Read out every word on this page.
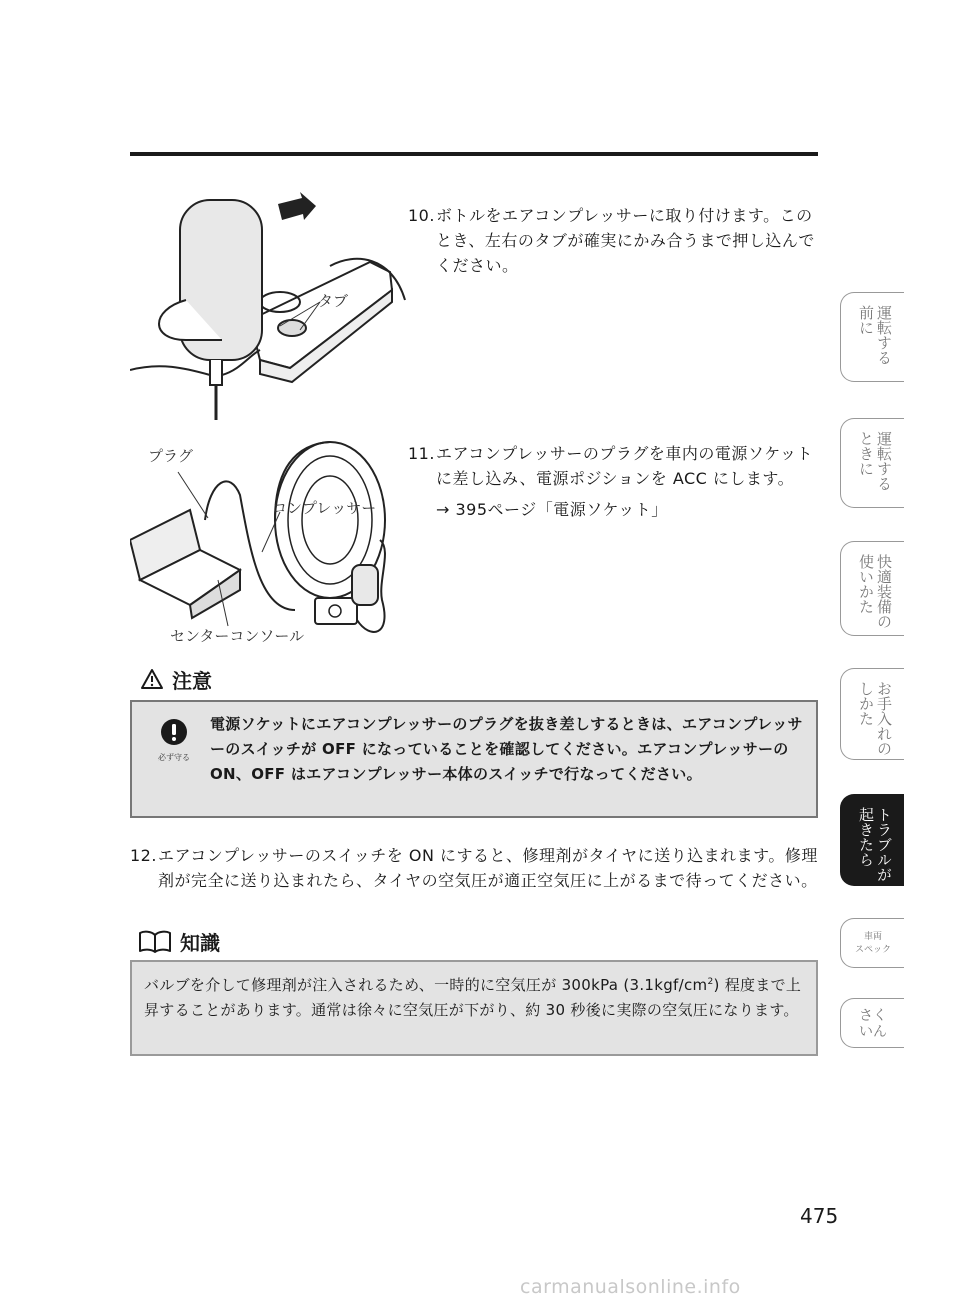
タブ
10. ボトルをエアコンプレッサーに取り付けます。このとき、左右のタブが確実にかみ合うまで押し込んでください。
プラグ
コンプレッサー
センターコンソール
11. エアコンプレッサーのプラグを車内の電源ソケットに差し込み、電源ポジションを ACC にします。
→ 395ページ「電源ソケット」
注意
必ず守る
電源ソケットにエアコンプレッサーのプラグを抜き差しするときは、エアコンプレッサーのスイッチが OFF になっていることを確認してください。エアコンプレッサーの ON、OFF はエアコンプレッサー本体のスイッチで行なってください。
12. エアコンプレッサーのスイッチを ON にすると、修理剤がタイヤに送り込まれます。修理剤が完全に送り込まれたら、タイヤの空気圧が適正空気圧に上がるまで待ってください。
知識
バルブを介して修理剤が注入されるため、一時的に空気圧が 300kPa $(3.1kgf/cm^2)$ 程度まで上昇することがあります。通常は徐々に空気圧が下がり、約 30 秒後に実際の空気圧になります。
運転する
前に
運転する
ときに
快適装備の
使いかた
お手入れの
しかた
トラブルが
起きたら
車両
スペック
さく
いん
475
carmanualsonline.info
